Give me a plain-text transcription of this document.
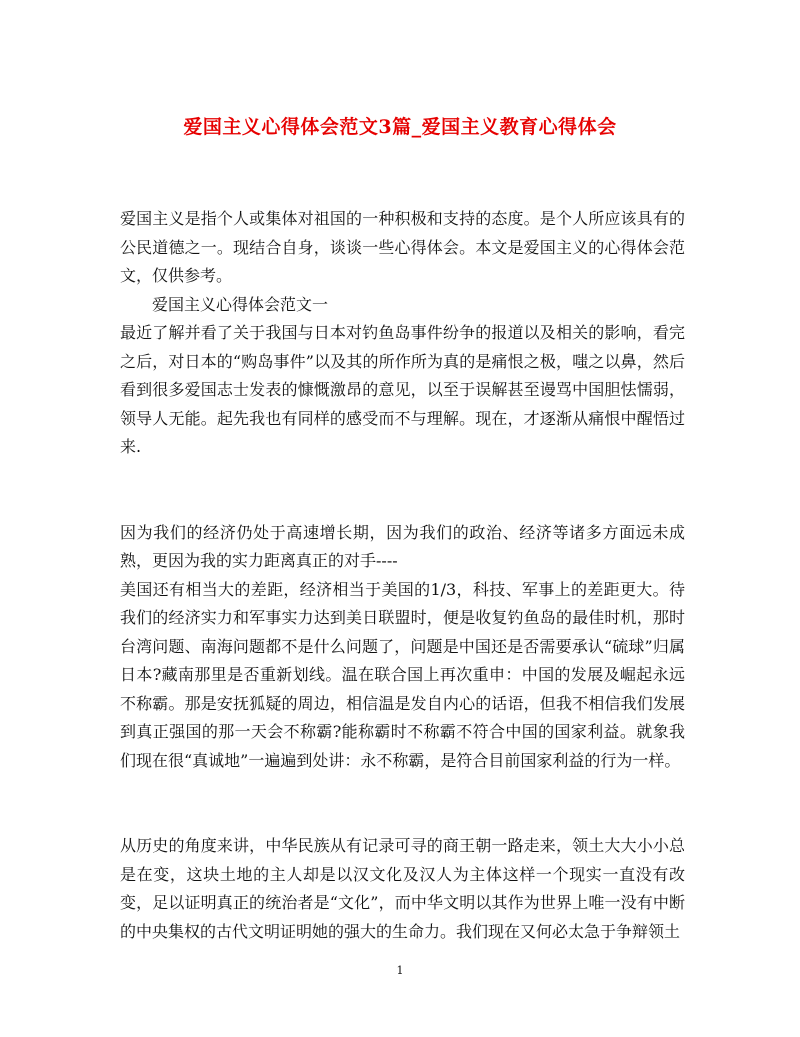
爱国主义心得体会范文3篇_爱国主义教育心得体会

爱国主义是指个人或集体对祖国的一种积极和支持的态度。是个人所应该具有的公民道德之一。现结合自身，谈谈一些心得体会。本文是爱国主义的心得体会范文，仅供参考。

爱国主义心得体会范文一

最近了解并看了关于我国与日本对钓鱼岛事件纷争的报道以及相关的影响，看完之后，对日本的“购岛事件”以及其的所作所为真的是痛恨之极，嗤之以鼻，然后看到很多爱国志士发表的慷慨激昂的意见，以至于误解甚至谩骂中国胆怯懦弱，领导人无能。起先我也有同样的感受而不与理解。现在，才逐渐从痛恨中醒悟过来.

因为我们的经济仍处于高速增长期，因为我们的政治、经济等诸多方面远未成熟，更因为我的实力距离真正的对手----

美国还有相当大的差距，经济相当于美国的1/3，科技、军事上的差距更大。待我们的经济实力和军事实力达到美日联盟时，便是收复钓鱼岛的最佳时机，那时台湾问题、南海问题都不是什么问题了，问题是中国还是否需要承认“硫球”归属日本?藏南那里是否重新划线。温在联合国上再次重申：中国的发展及崛起永远不称霸。那是安抚狐疑的周边，相信温是发自内心的话语，但我不相信我们发展到真正强国的那一天会不称霸?能称霸时不称霸不符合中国的国家利益。就象我们现在很“真诚地”一遍遍到处讲：永不称霸，是符合目前国家利益的行为一样。

从历史的角度来讲，中华民族从有记录可寻的商王朝一路走来，领土大大小小总是在变，这块土地的主人却是以汉文化及汉人为主体这样一个现实一直没有改变，足以证明真正的统治者是“文化”，而中华文明以其作为世界上唯一没有中断的中央集权的古代文明证明她的强大的生命力。我们现在又何必太急于争辩领土

1
